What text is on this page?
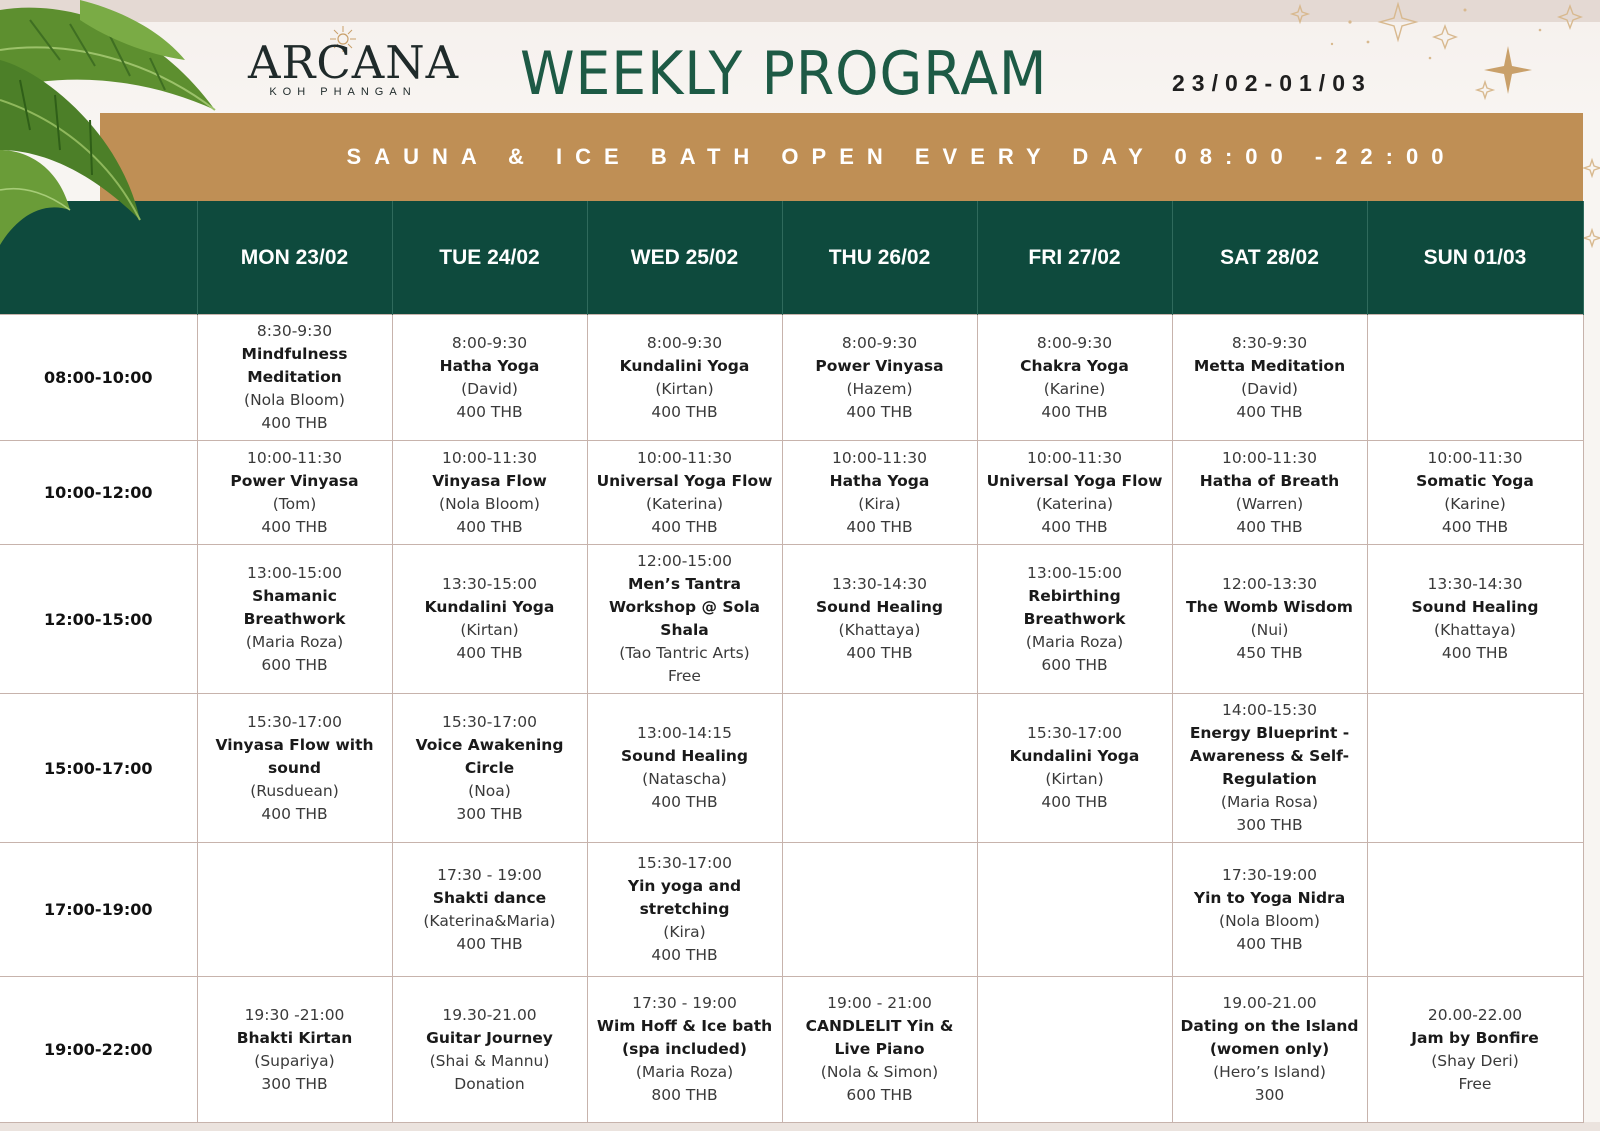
ARCANA
KOH PHANGAN	WEEKLY PROGRAM	23/02-01/03
SAUNA & ICE BATH OPEN EVERY DAY 08:00 -22:00
	MON 23/02	TUE 24/02	WED 25/02	THU 26/02	FRI 27/02	SAT 28/02	SUN 01/03
08:00-10:00	8:30-9:30
Mindfulness Meditation
(Nola Bloom)
400 THB	8:00-9:30
Hatha Yoga
(David)
400 THB	8:00-9:30
Kundalini Yoga
(Kirtan)
400 THB	8:00-9:30
Power Vinyasa
(Hazem)
400 THB	8:00-9:30
Chakra Yoga
(Karine)
400 THB	8:30-9:30
Metta Meditation
(David)
400 THB	

10:00-12:00	10:00-11:30
Power Vinyasa
(Tom)
400 THB	10:00-11:30
Vinyasa Flow
(Nola Bloom)
400 THB	10:00-11:30
Universal Yoga Flow
(Katerina)
400 THB	10:00-11:30
Hatha Yoga
(Kira)
400 THB	10:00-11:30
Universal Yoga Flow
(Katerina)
400 THB	10:00-11:30
Hatha of Breath
(Warren)
400 THB	10:00-11:30
Somatic Yoga
(Karine)
400 THB

12:00-15:00	13:00-15:00
Shamanic Breathwork
(Maria Roza)
600 THB	13:30-15:00
Kundalini Yoga
(Kirtan)
400 THB	12:00-15:00
Men’s Tantra Workshop @ Sola Shala
(Tao Tantric Arts)
Free	13:30-14:30
Sound Healing
(Khattaya)
400 THB	13:00-15:00
Rebirthing Breathwork
(Maria Roza)
600 THB	12:00-13:30
The Womb Wisdom
(Nui)
450 THB	13:30-14:30
Sound Healing
(Khattaya)
400 THB

15:00-17:00	15:30-17:00
Vinyasa Flow with sound
(Rusduean)
400 THB	15:30-17:00
Voice Awakening Circle
(Noa)
300 THB	13:00-14:15
Sound Healing
(Natascha)
400 THB		15:30-17:00
Kundalini Yoga
(Kirtan)
400 THB	14:00-15:30
Energy Blueprint - Awareness & Self-Regulation
(Maria Rosa)
300 THB	

17:00-19:00		17:30 - 19:00
Shakti dance
(Katerina&Maria)
400 THB	15:30-17:00
Yin yoga and stretching
(Kira)
400 THB			17:30-19:00
Yin to Yoga Nidra
(Nola Bloom)
400 THB	

19:00-22:00	19:30 -21:00
Bhakti Kirtan
(Supariya)
300 THB	19.30-21.00
Guitar Journey
(Shai & Mannu)
Donation	17:30 - 19:00
Wim Hoff & Ice bath (spa included)
(Maria Roza)
800 THB	19:00 - 21:00
CANDLELIT Yin & Live Piano
(Nola & Simon)
600 THB		19.00-21.00
Dating on the Island (women only)
(Hero’s Island)
300	20.00-22.00
Jam by Bonfire
(Shay Deri)
Free
